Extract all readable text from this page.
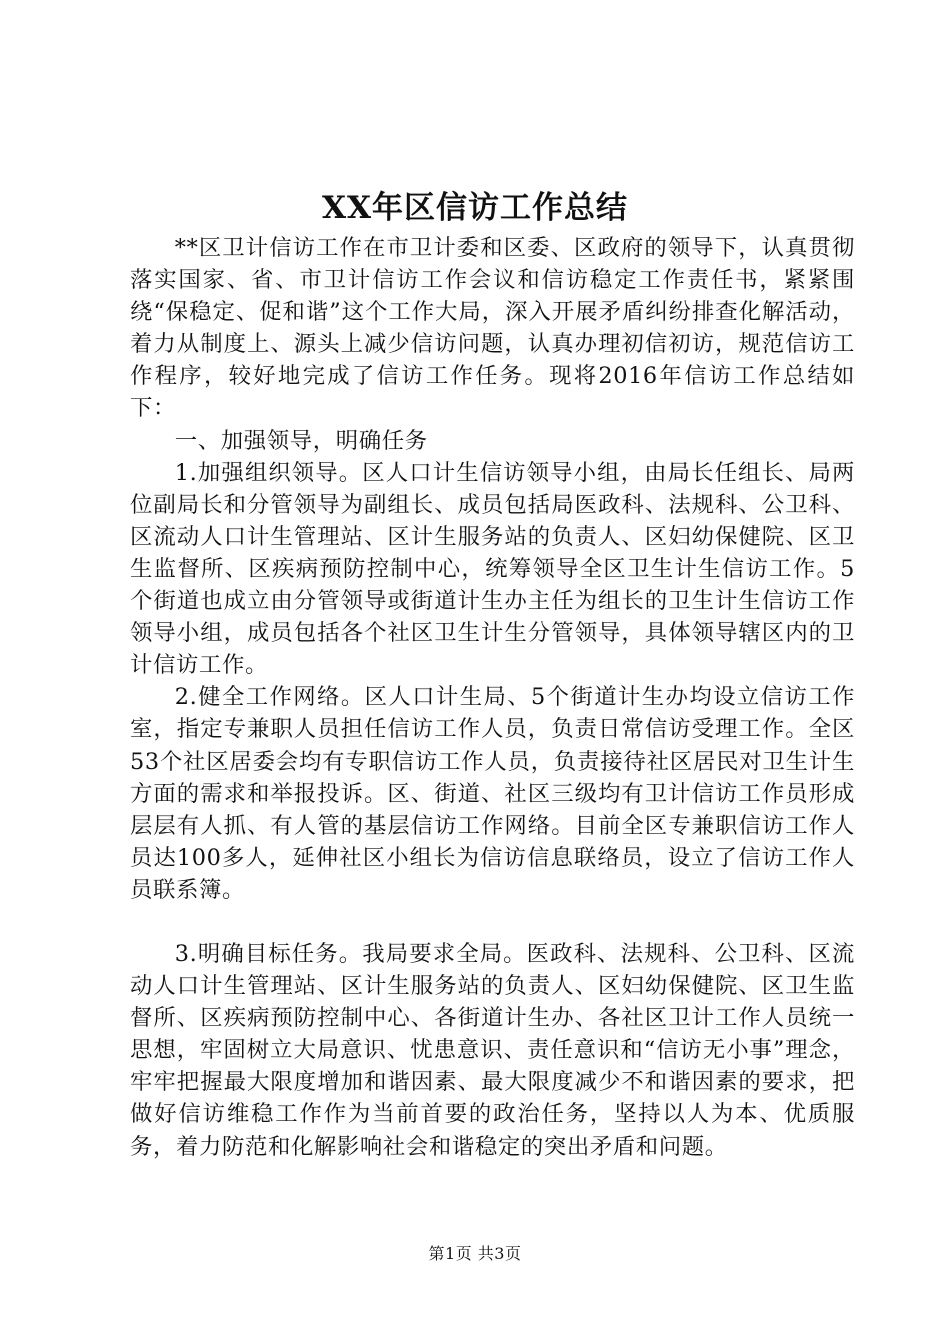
XX年区信访工作总结

**区卫计信访工作在市卫计委和区委、区政府的领导下，认真贯彻落实国家、省、市卫计信访工作会议和信访稳定工作责任书，紧紧围绕“保稳定、促和谐”这个工作大局，深入开展矛盾纠纷排查化解活动，着力从制度上、源头上减少信访问题，认真办理初信初访，规范信访工作程序，较好地完成了信访工作任务。现将2016年信访工作总结如下：

一、加强领导，明确任务

1.加强组织领导。区人口计生信访领导小组，由局长任组长、局两位副局长和分管领导为副组长、成员包括局医政科、法规科、公卫科、区流动人口计生管理站、区计生服务站的负责人、区妇幼保健院、区卫生监督所、区疾病预防控制中心，统筹领导全区卫生计生信访工作。5个街道也成立由分管领导或街道计生办主任为组长的卫生计生信访工作领导小组，成员包括各个社区卫生计生分管领导，具体领导辖区内的卫计信访工作。

2.健全工作网络。区人口计生局、5个街道计生办均设立信访工作室，指定专兼职人员担任信访工作人员，负责日常信访受理工作。全区53个社区居委会均有专职信访工作人员，负责接待社区居民对卫生计生方面的需求和举报投诉。区、街道、社区三级均有卫计信访工作员形成层层有人抓、有人管的基层信访工作网络。目前全区专兼职信访工作人员达100多人，延伸社区小组长为信访信息联络员，设立了信访工作人员联系簿。

3.明确目标任务。我局要求全局。医政科、法规科、公卫科、区流动人口计生管理站、区计生服务站的负责人、区妇幼保健院、区卫生监督所、区疾病预防控制中心、各街道计生办、各社区卫计工作人员统一思想，牢固树立大局意识、忧患意识、责任意识和“信访无小事”理念，牢牢把握最大限度增加和谐因素、最大限度减少不和谐因素的要求，把做好信访维稳工作作为当前首要的政治任务，坚持以人为本、优质服务，着力防范和化解影响社会和谐稳定的突出矛盾和问题。

第1页 共3页
